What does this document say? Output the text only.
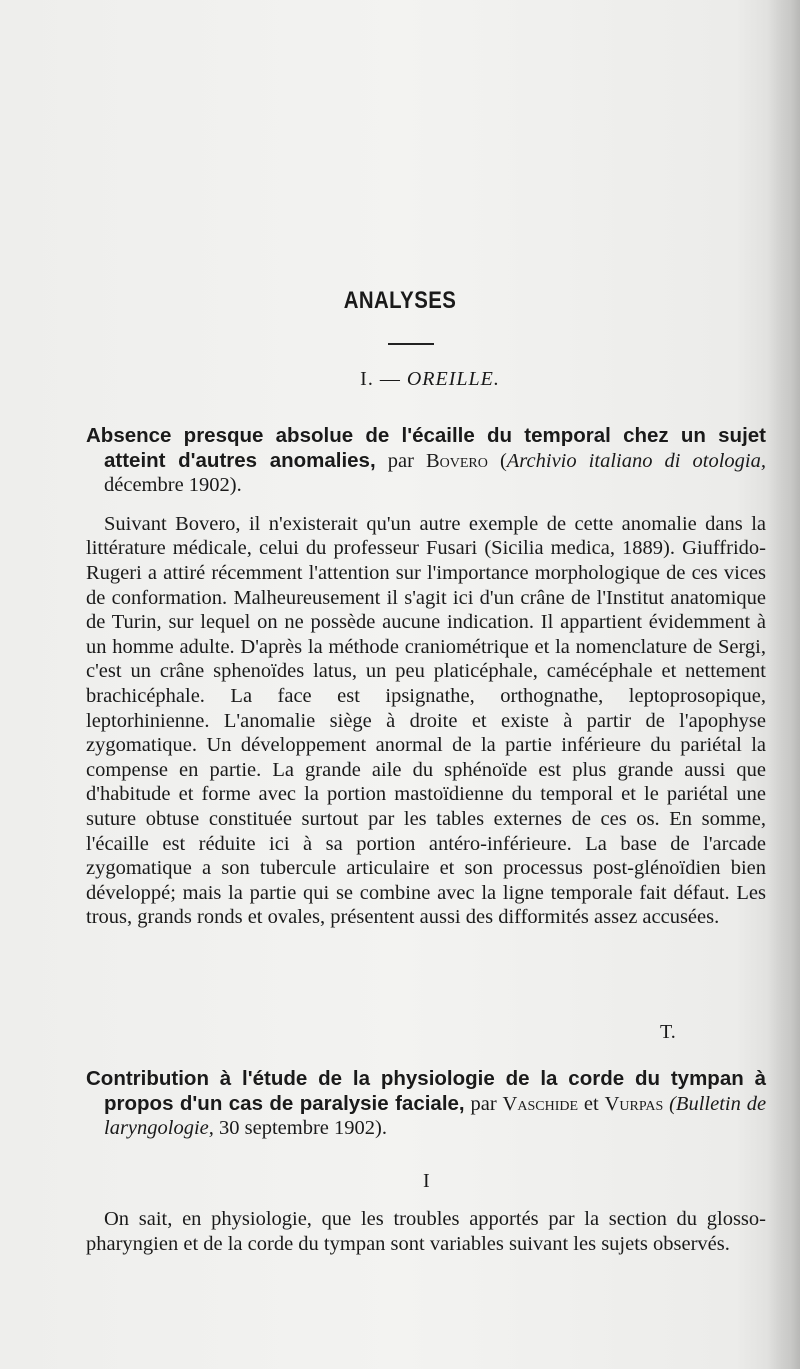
ANALYSES
I. — OREILLE.

Absence presque absolue de l'écaille du temporal chez un sujet atteint d'autres anomalies, par Bovero (Archivio italiano di otologia, décembre 1902).

Suivant Bovero, il n'existerait qu'un autre exemple de cette anomalie dans la littérature médicale, celui du professeur Fusari (Sicilia medica, 1889). Giuffrido-Rugeri a attiré récemment l'attention sur l'importance morphologique de ces vices de conformation. Malheureusement il s'agit ici d'un crâne de l'Institut anatomique de Turin, sur lequel on ne possède aucune indication. Il appartient évidemment à un homme adulte. D'après la méthode craniométrique et la nomenclature de Sergi, c'est un crâne sphenoïdes latus, un peu platicéphale, camécéphale et nettement brachicéphale. La face est ipsignathe, orthognathe, leptoprosopique, leptorhinienne. L'anomalie siège à droite et existe à partir de l'apophyse zygomatique. Un développement anormal de la partie inférieure du pariétal la compense en partie. La grande aile du sphénoïde est plus grande aussi que d'habitude et forme avec la portion mastoïdienne du temporal et le pariétal une suture obtuse constituée surtout par les tables externes de ces os. En somme, l'écaille est réduite ici à sa portion antéro-inférieure. La base de l'arcade zygomatique a son tubercule articulaire et son processus post-glénoïdien bien développé; mais la partie qui se combine avec la ligne temporale fait défaut. Les trous, grands ronds et ovales, présentent aussi des difformités assez accusées.

T.

Contribution à l'étude de la physiologie de la corde du tympan à propos d'un cas de paralysie faciale, par Vaschide et Vurpas (Bulletin de laryngologie, 30 septembre 1902).

I

On sait, en physiologie, que les troubles apportés par la section du glosso-pharyngien et de la corde du tympan sont variables suivant les sujets observés.
